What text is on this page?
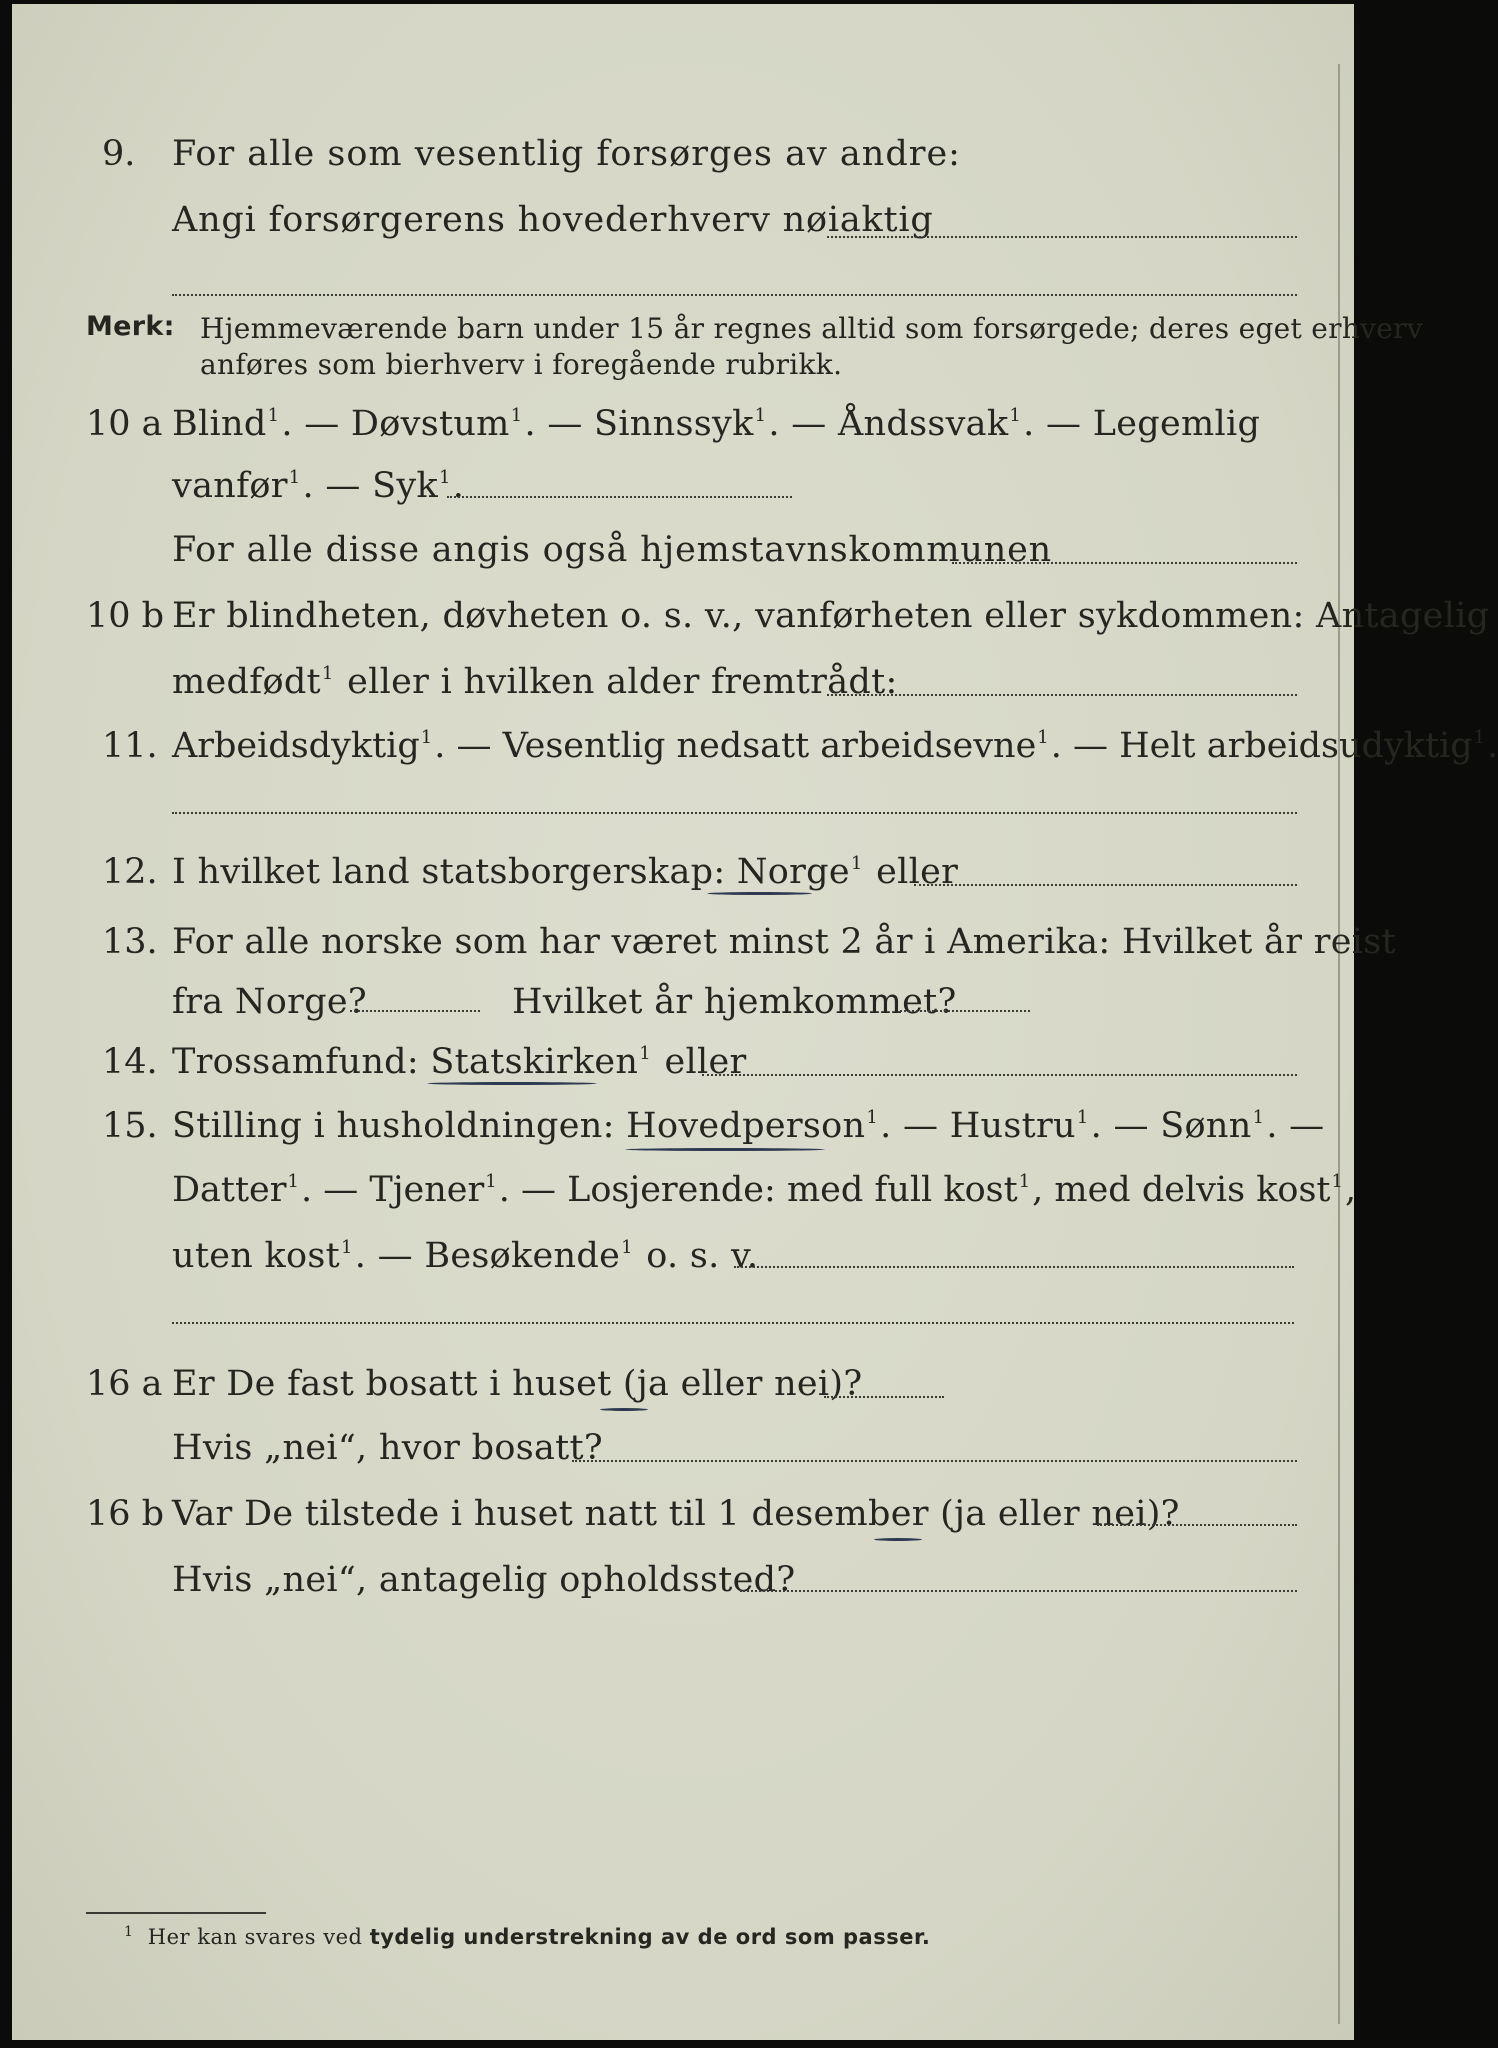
9. For alle som vesentlig forsørges av andre:
Angi forsørgerens hovederhverv nøiaktig
Merk: Hjemmeværende barn under 15 år regnes alltid som forsørgede; deres eget erhverv
anføres som bierhverv i foregående rubrikk.
10 a Blind$^1$. — Døvstum$^1$. — Sinnssyk$^1$. — Åndssvak$^1$. — Legemlig
vanfør$^1$. — Syk$^1$.
For alle disse angis også hjemstavnskommunen
10 b Er blindheten, døvheten o. s. v., vanførheten eller sykdommen: Antagelig
medfødt$^1$ eller i hvilken alder fremtrådt:
11. Arbeidsdyktig$^1$. — Vesentlig nedsatt arbeidsevne$^1$. — Helt arbeidsudyktig$^1$.
12. I hvilket land statsborgerskap: Norge$^1$ eller
13. For alle norske som har været minst 2 år i Amerika: Hvilket år reist
fra Norge?	Hvilket år hjemkommet?
14. Trossamfund: Statskirken$^1$ eller
15. Stilling i husholdningen: Hovedperson$^1$. — Hustru$^1$. — Sønn$^1$. —
Datter$^1$. — Tjener$^1$. — Losjerende: med full kost$^1$, med delvis kost$^1$,
uten kost$^1$. — Besøkende$^1$ o. s. v.
16 a Er De fast bosatt i huset (ja eller nei)?
Hvis „nei“, hvor bosatt?
16 b Var De tilstede i huset natt til 1 desember (ja eller nei)?
Hvis „nei“, antagelig opholdssted?
$^1$ Her kan svares ved tydelig understrekning av de ord som passer.
